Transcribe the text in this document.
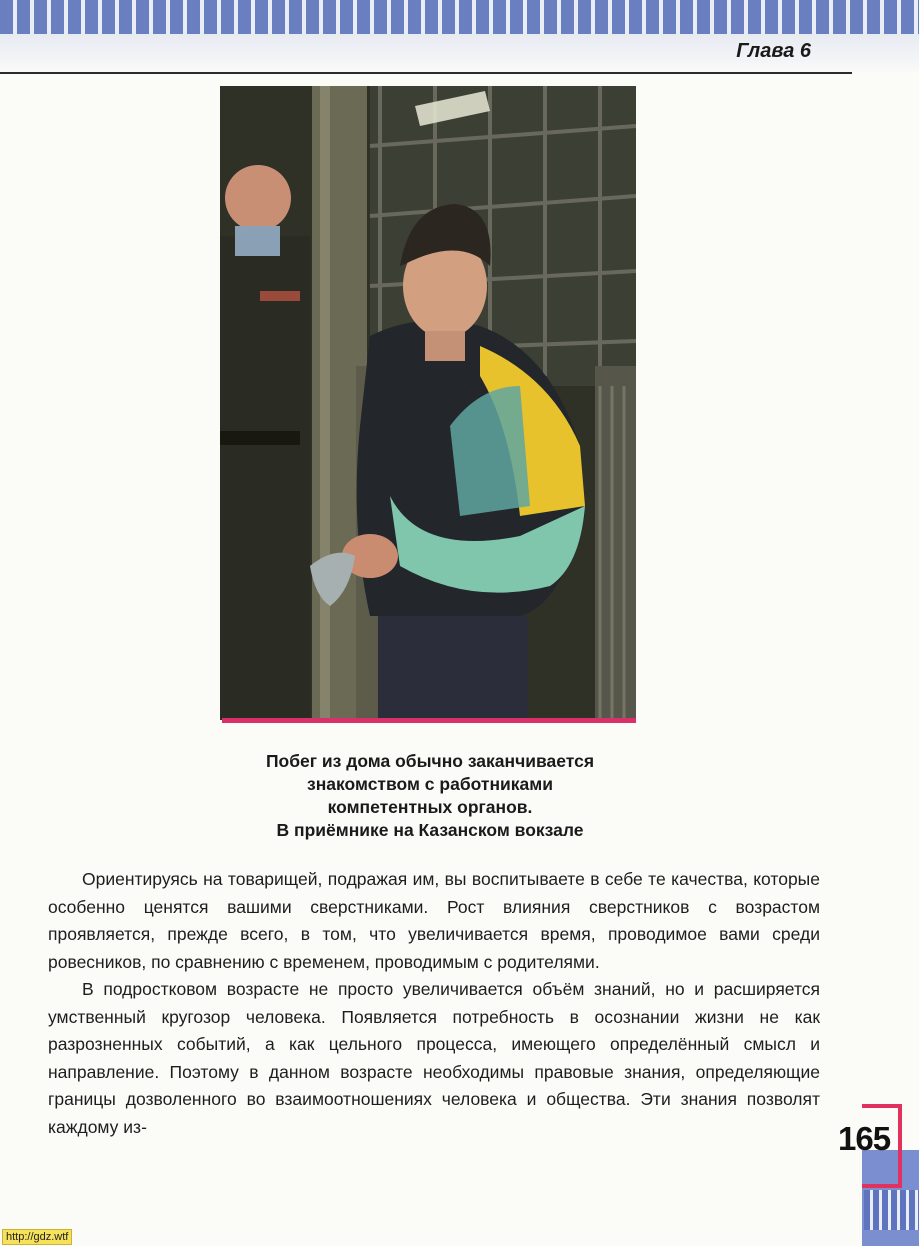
Глава 6
Побег из дома обычно заканчивается
знакомством с работниками
компетентных органов.
В приёмнике на Казанском вокзале

Ориентируясь на товарищей, подражая им, вы воспитываете в себе те качества, которые особенно ценятся вашими сверстниками. Рост влияния сверстников с возрастом проявляется, прежде всего, в том, что увеличивается время, проводимое вами среди ровесников, по сравнению с временем, проводимым с родителями.

В подростковом возрасте не просто увеличивается объём знаний, но и расширяется умственный кругозор человека. Появляется потребность в осознании жизни не как разрозненных событий, а как цельного процесса, имеющего определённый смысл и направление. Поэтому в данном возрасте необходимы правовые знания, определяющие границы дозволенного во взаимоотношениях человека и общества. Эти знания позволят каждому из-	165
http://gdz.wtf
